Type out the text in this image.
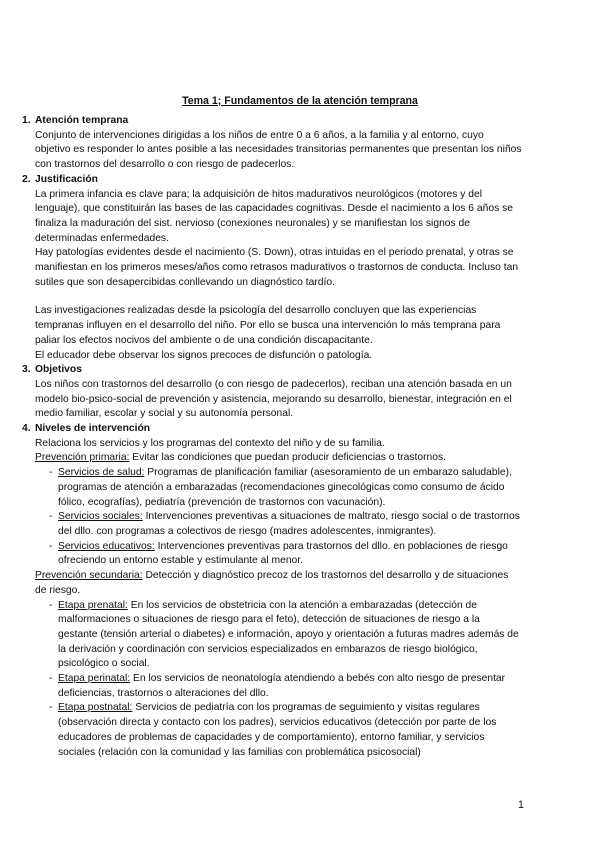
Tema 1; Fundamentos de la atención temprana
1. Atención temprana

Conjunto de intervenciones dirigidas a los niños de entre 0 a 6 años, a la familia y al entorno, cuyo objetivo es responder lo antes posible a las necesidades transitorias permanentes que presentan los niños con trastornos del desarrollo o con riesgo de padecerlos.

2. Justificación

La primera infancia es clave para; la adquisición de hitos madurativos neurológicos (motores y del lenguaje), que constituirán las bases de las capacidades cognitivas. Desde el nacimiento a los 6 años se finaliza la maduración del sist. nervioso (conexiones neuronales) y se manifiestan los signos de determinadas enfermedades.

Hay patologías evidentes desde el nacimiento (S. Down), otras intuidas en el periodo prenatal, y otras se manifiestan en los primeros meses/años como retrasos madurativos o trastornos de conducta. Incluso tan sutiles que son desapercibidas conllevando un diagnóstico tardío.

Las investigaciones realizadas desde la psicología del desarrollo concluyen que las experiencias tempranas influyen en el desarrollo del niño. Por ello se busca una intervención lo más temprana para paliar los efectos nocivos del ambiente o de una condición discapacitante.

El educador debe observar los signos precoces de disfunción o patología.

3. Objetivos

Los niños con trastornos del desarrollo (o con riesgo de padecerlos), reciban una atención basada en un modelo bio-psico-social de prevención y asistencia, mejorando su desarrollo, bienestar, integración en el medio familiar, escolar y social y su autonomía personal.

4. Niveles de intervención

Relaciona los servicios y los programas del contexto del niño y de su familia.

Prevención primaria: Evitar las condiciones que puedan producir deficiencias o trastornos.

- Servicios de salud: Programas de planificación familiar (asesoramiento de un embarazo saludable), programas de atención a embarazadas (recomendaciones ginecológicas como consumo de ácido fólico, ecografías), pediatría (prevención de trastornos con vacunación).
- Servicios sociales: Intervenciones preventivas a situaciones de maltrato, riesgo social o de trastornos del dllo. con programas a colectivos de riesgo (madres adolescentes, inmigrantes).
- Servicios educativos: Intervenciones preventivas para trastornos del dllo. en poblaciones de riesgo ofreciendo un entorno estable y estimulante al menor.

Prevención secundaria: Detección y diagnóstico precoz de los trastornos del desarrollo y de situaciones de riesgo.

- Etapa prenatal: En los servicios de obstetricia con la atención a embarazadas (detección de malformaciones o situaciones de riesgo para el feto), detección de situaciones de riesgo a la gestante (tensión arterial o diabetes) e información, apoyo y orientación a futuras madres además de la derivación y coordinación con servicios especializados en embarazos de riesgo biológico, psicológico o social.
- Etapa perinatal: En los servicios de neonatología atendiendo a bebés con alto riesgo de presentar deficiencias, trastornos o alteraciones del dllo.
- Etapa postnatal: Servicios de pediatría con los programas de seguimiento y visitas regulares (observación directa y contacto con los padres), servicios educativos (detección por parte de los educadores de problemas de capacidades y de comportamiento), entorno familiar, y servicios sociales (relación con la comunidad y las familias con problemática psicosocial)
1
